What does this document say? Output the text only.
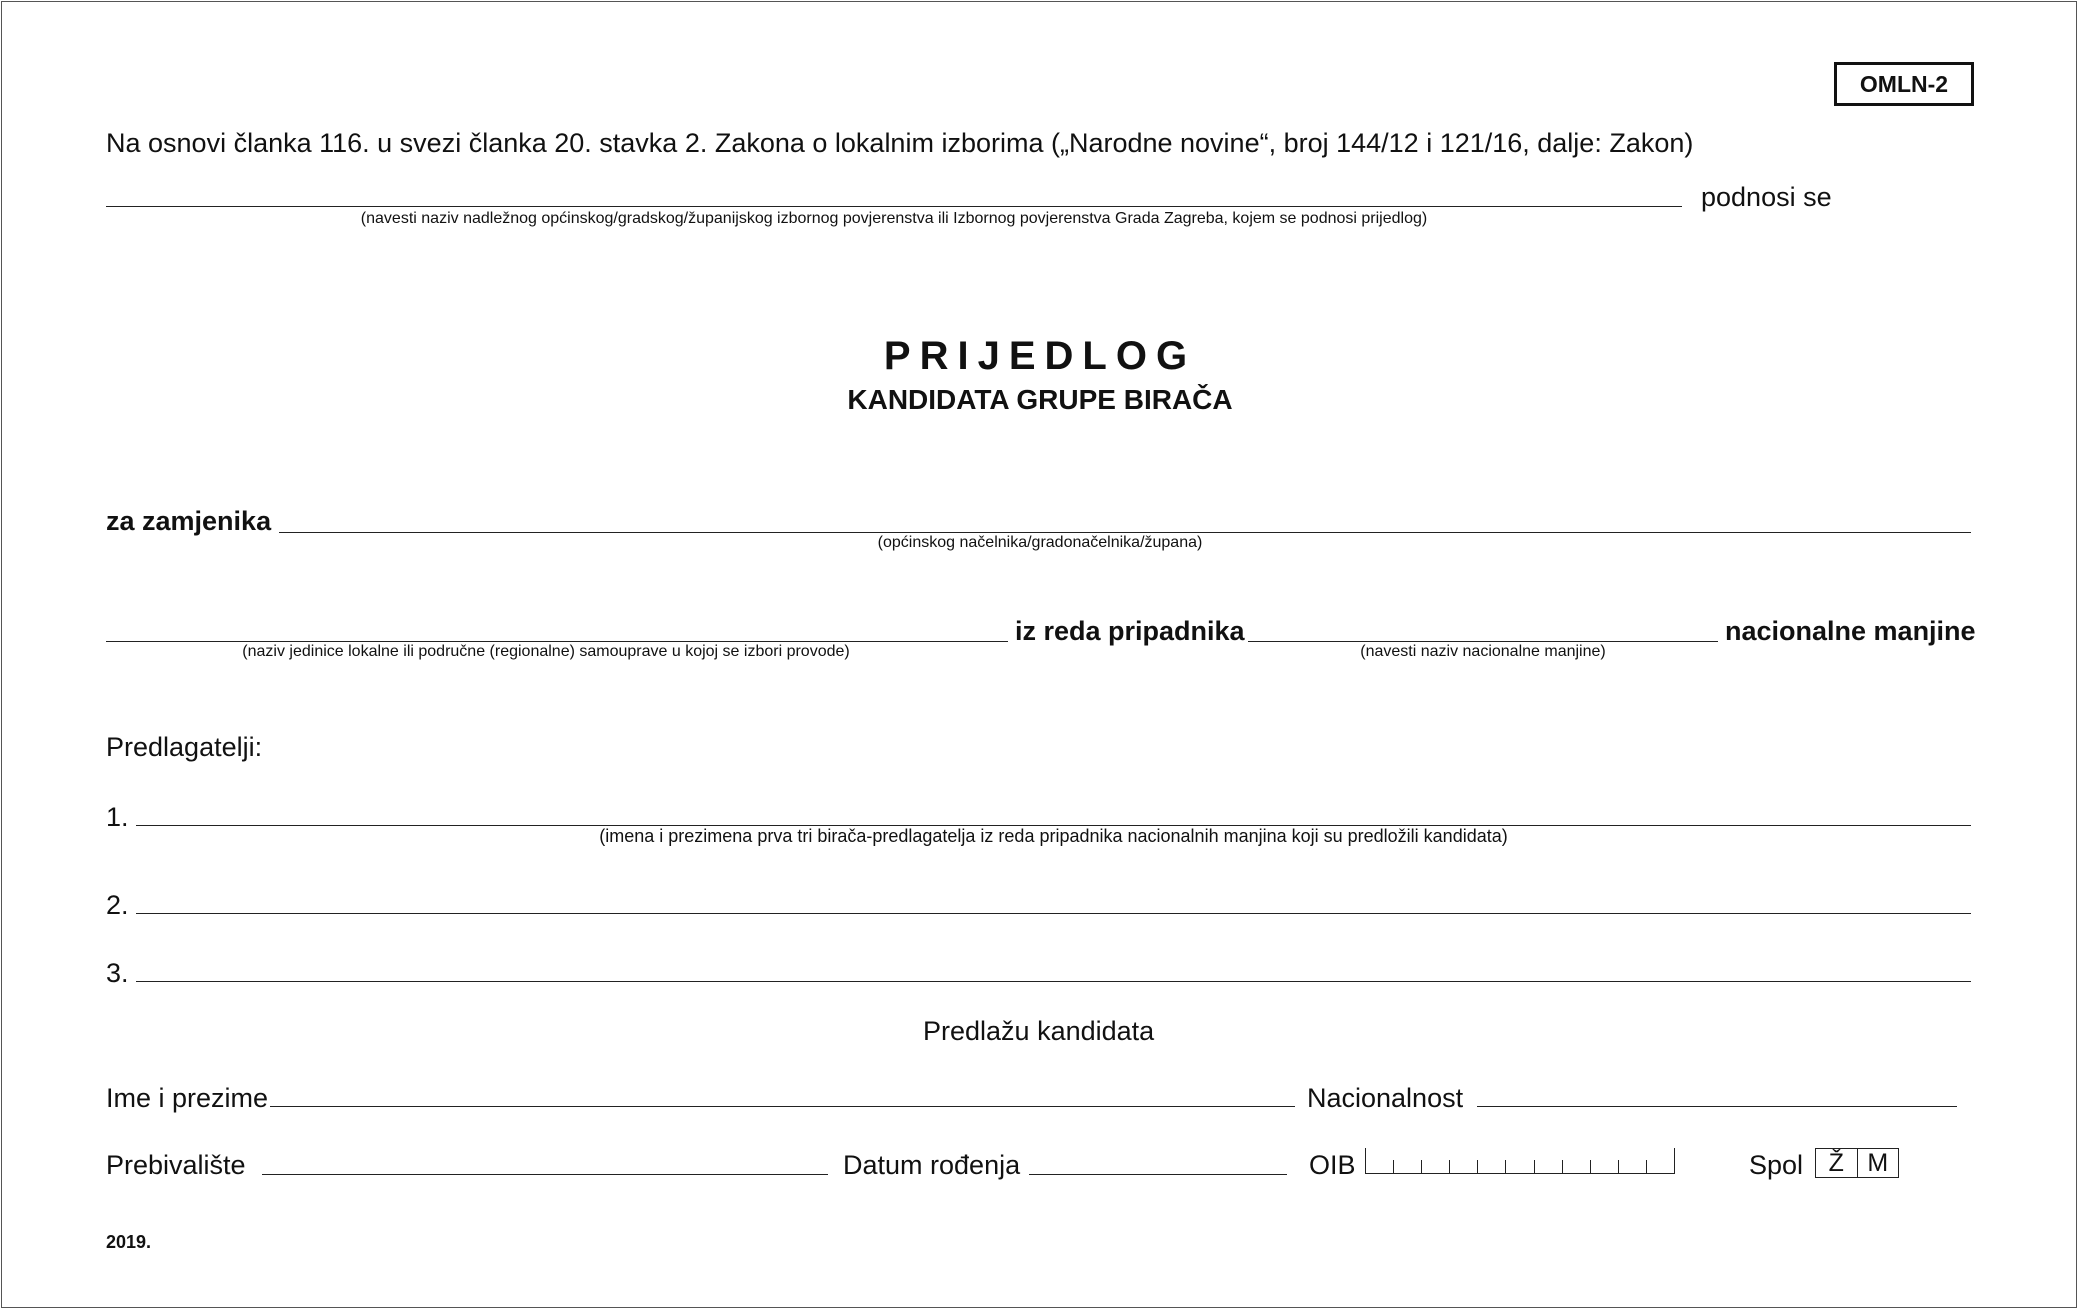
OMLN-2
Na osnovi članka 116. u svezi članka 20. stavka 2. Zakona o lokalnim izborima („Narodne novine“, broj 144/12 i 121/16, dalje: Zakon)
podnosi se
(navesti naziv nadležnog općinskog/gradskog/županijskog izbornog povjerenstva ili Izbornog povjerenstva Grada Zagreba, kojem se podnosi prijedlog)
PRIJEDLOG
KANDIDATA GRUPE BIRAČA
za zamjenika
(općinskog načelnika/gradonačelnika/župana)
(naziv jedinice lokalne ili područne (regionalne) samouprave u kojoj se izbori provode)
iz reda pripadnika
(navesti naziv nacionalne manjine)
nacionalne manjine
Predlagatelji:
1.
(imena i prezimena prva tri birača-predlagatelja iz reda pripadnika nacionalnih manjina koji su predložili kandidata)
2.
3.
Predlažu kandidata
Ime i prezime	Nacionalnost
Prebivalište	Datum rođenja	OIB	Spol	Ž M
2019.
